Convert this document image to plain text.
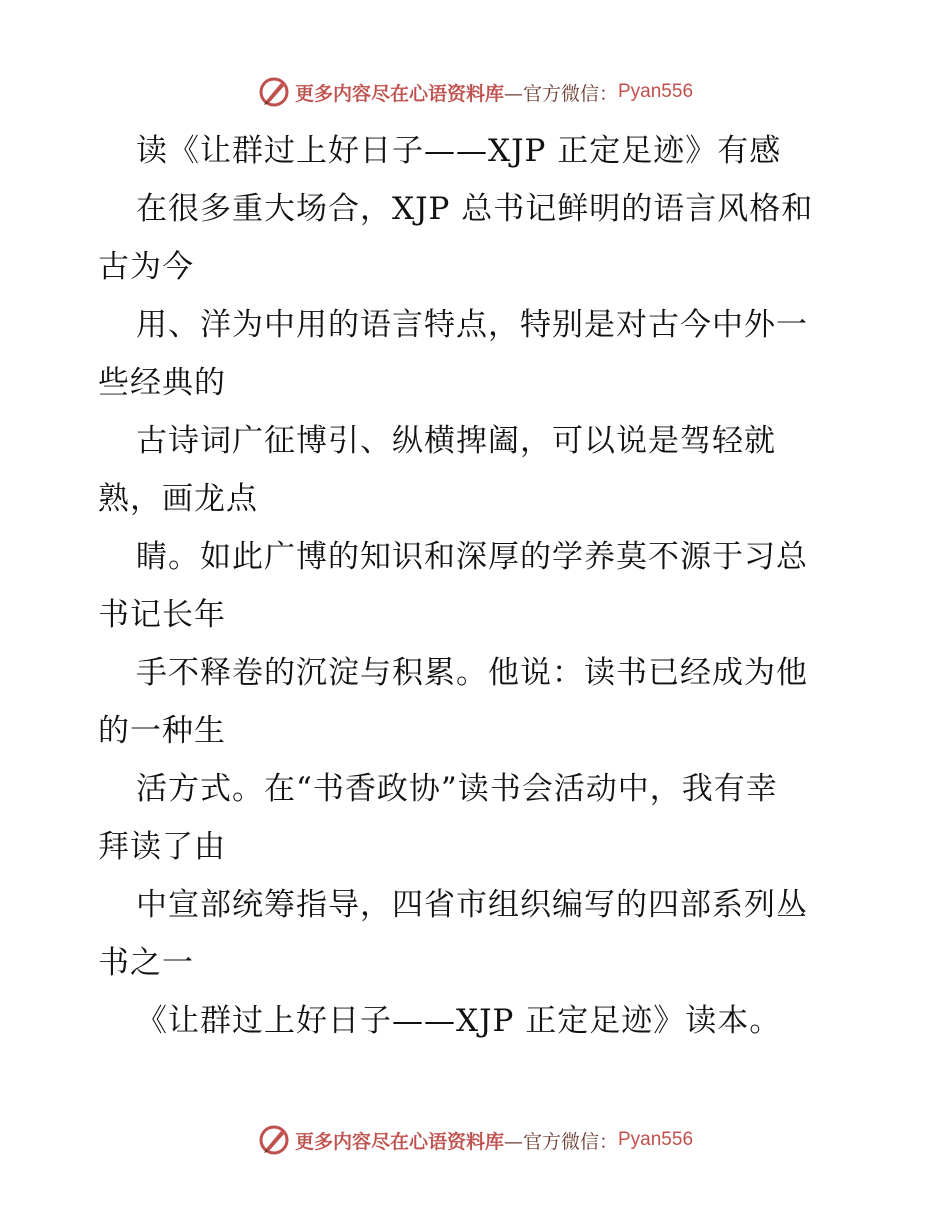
更多内容尽在心语资料库 —官方微信： Pyan556
读《让群过上好日子——XJP 正定足迹》有感
在很多重大场合，XJP 总书记鲜明的语言风格和
古为今
用、洋为中用的语言特点，特别是对古今中外一
些经典的
古诗词广征博引、纵横捭阖，可以说是驾轻就
熟，画龙点
睛。如此广博的知识和深厚的学养莫不源于习总
书记长年
手不释卷的沉淀与积累。他说：读书已经成为他
的一种生
活方式。在“书香政协”读书会活动中，我有幸
拜读了由
中宣部统筹指导，四省市组织编写的四部系列丛
书之一
《让群过上好日子——XJP 正定足迹》读本。
更多内容尽在心语资料库 —官方微信： Pyan556
